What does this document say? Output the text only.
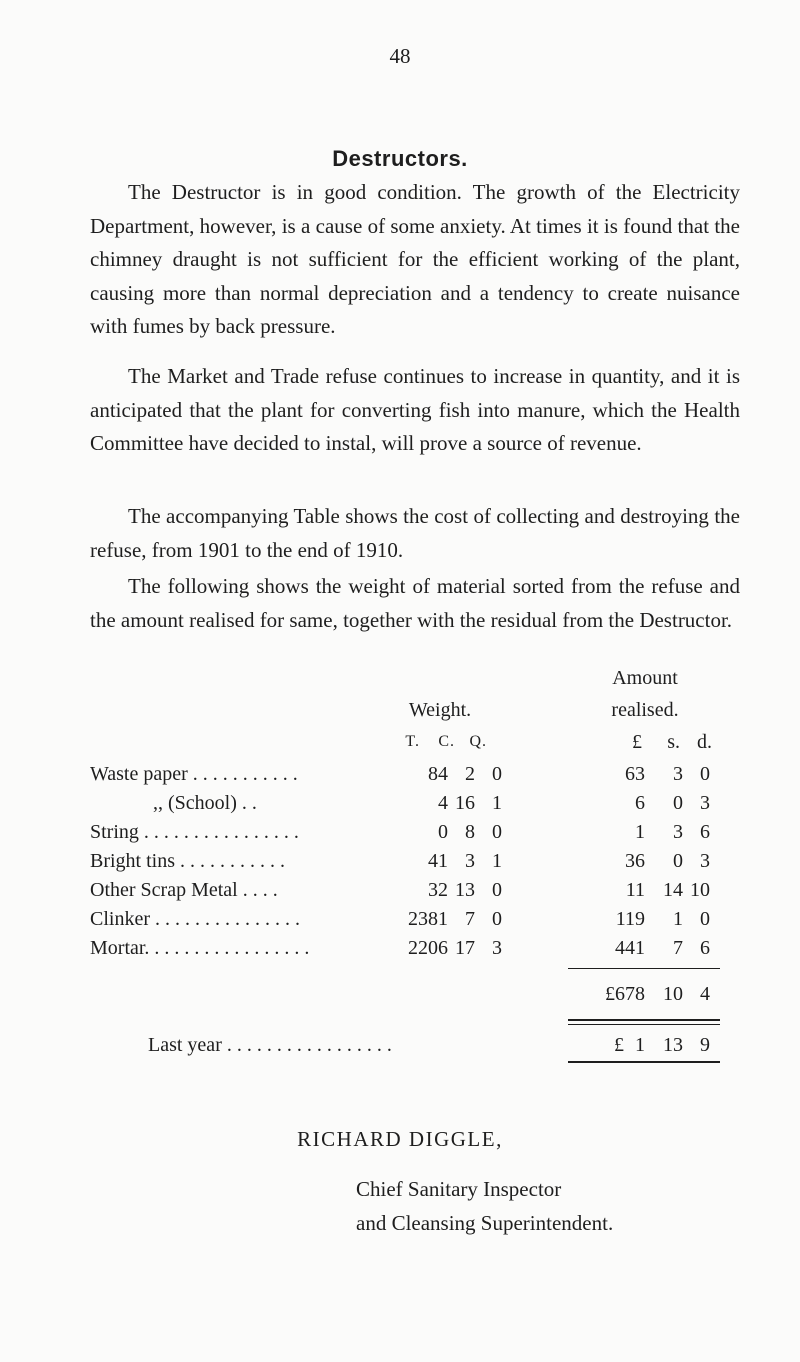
48
Destructors.

The Destructor is in good condition. The growth of the Electricity Department, however, is a cause of some anxiety. At times it is found that the chimney draught is not sufficient for the efficient working of the plant, causing more than normal depreciation and a tendency to create nuisance with fumes by back pressure.

The Market and Trade refuse continues to increase in quantity, and it is anticipated that the plant for converting fish into manure, which the Health Committee have decided to instal, will prove a source of revenue.

The accompanying Table shows the cost of collecting and destroying the refuse, from 1901 to the end of 1910.

The following shows the weight of material sorted from the refuse and the amount realised for same, together with the residual from the Destructor.

Amount
Weight.	realised.
T.	C. Q.	£	s. d.
Waste paper . . . . . . . . . . .	84 2 0	63	3 0
,, (School) . .	4 16 1	6	0 3
String . . . . . . . . . . . . . . . .	0 8 0	1	3 6
Bright tins . . . . . . . . . . .	41 3 1	36	0 3
Other Scrap Metal . . . .	32 13 0	11 14 10
Clinker . . . . . . . . . . . . . . .	2381 7 0	119	1 0
Mortar. . . . . . . . . . . . . . . . .	2206 17 3	441	7 6
£678 10 4
Last year . . . . . . . . . . . . . . . . .	£ 1 13 9
RICHARD DIGGLE,
Chief Sanitary Inspector
and Cleansing Superintendent.
